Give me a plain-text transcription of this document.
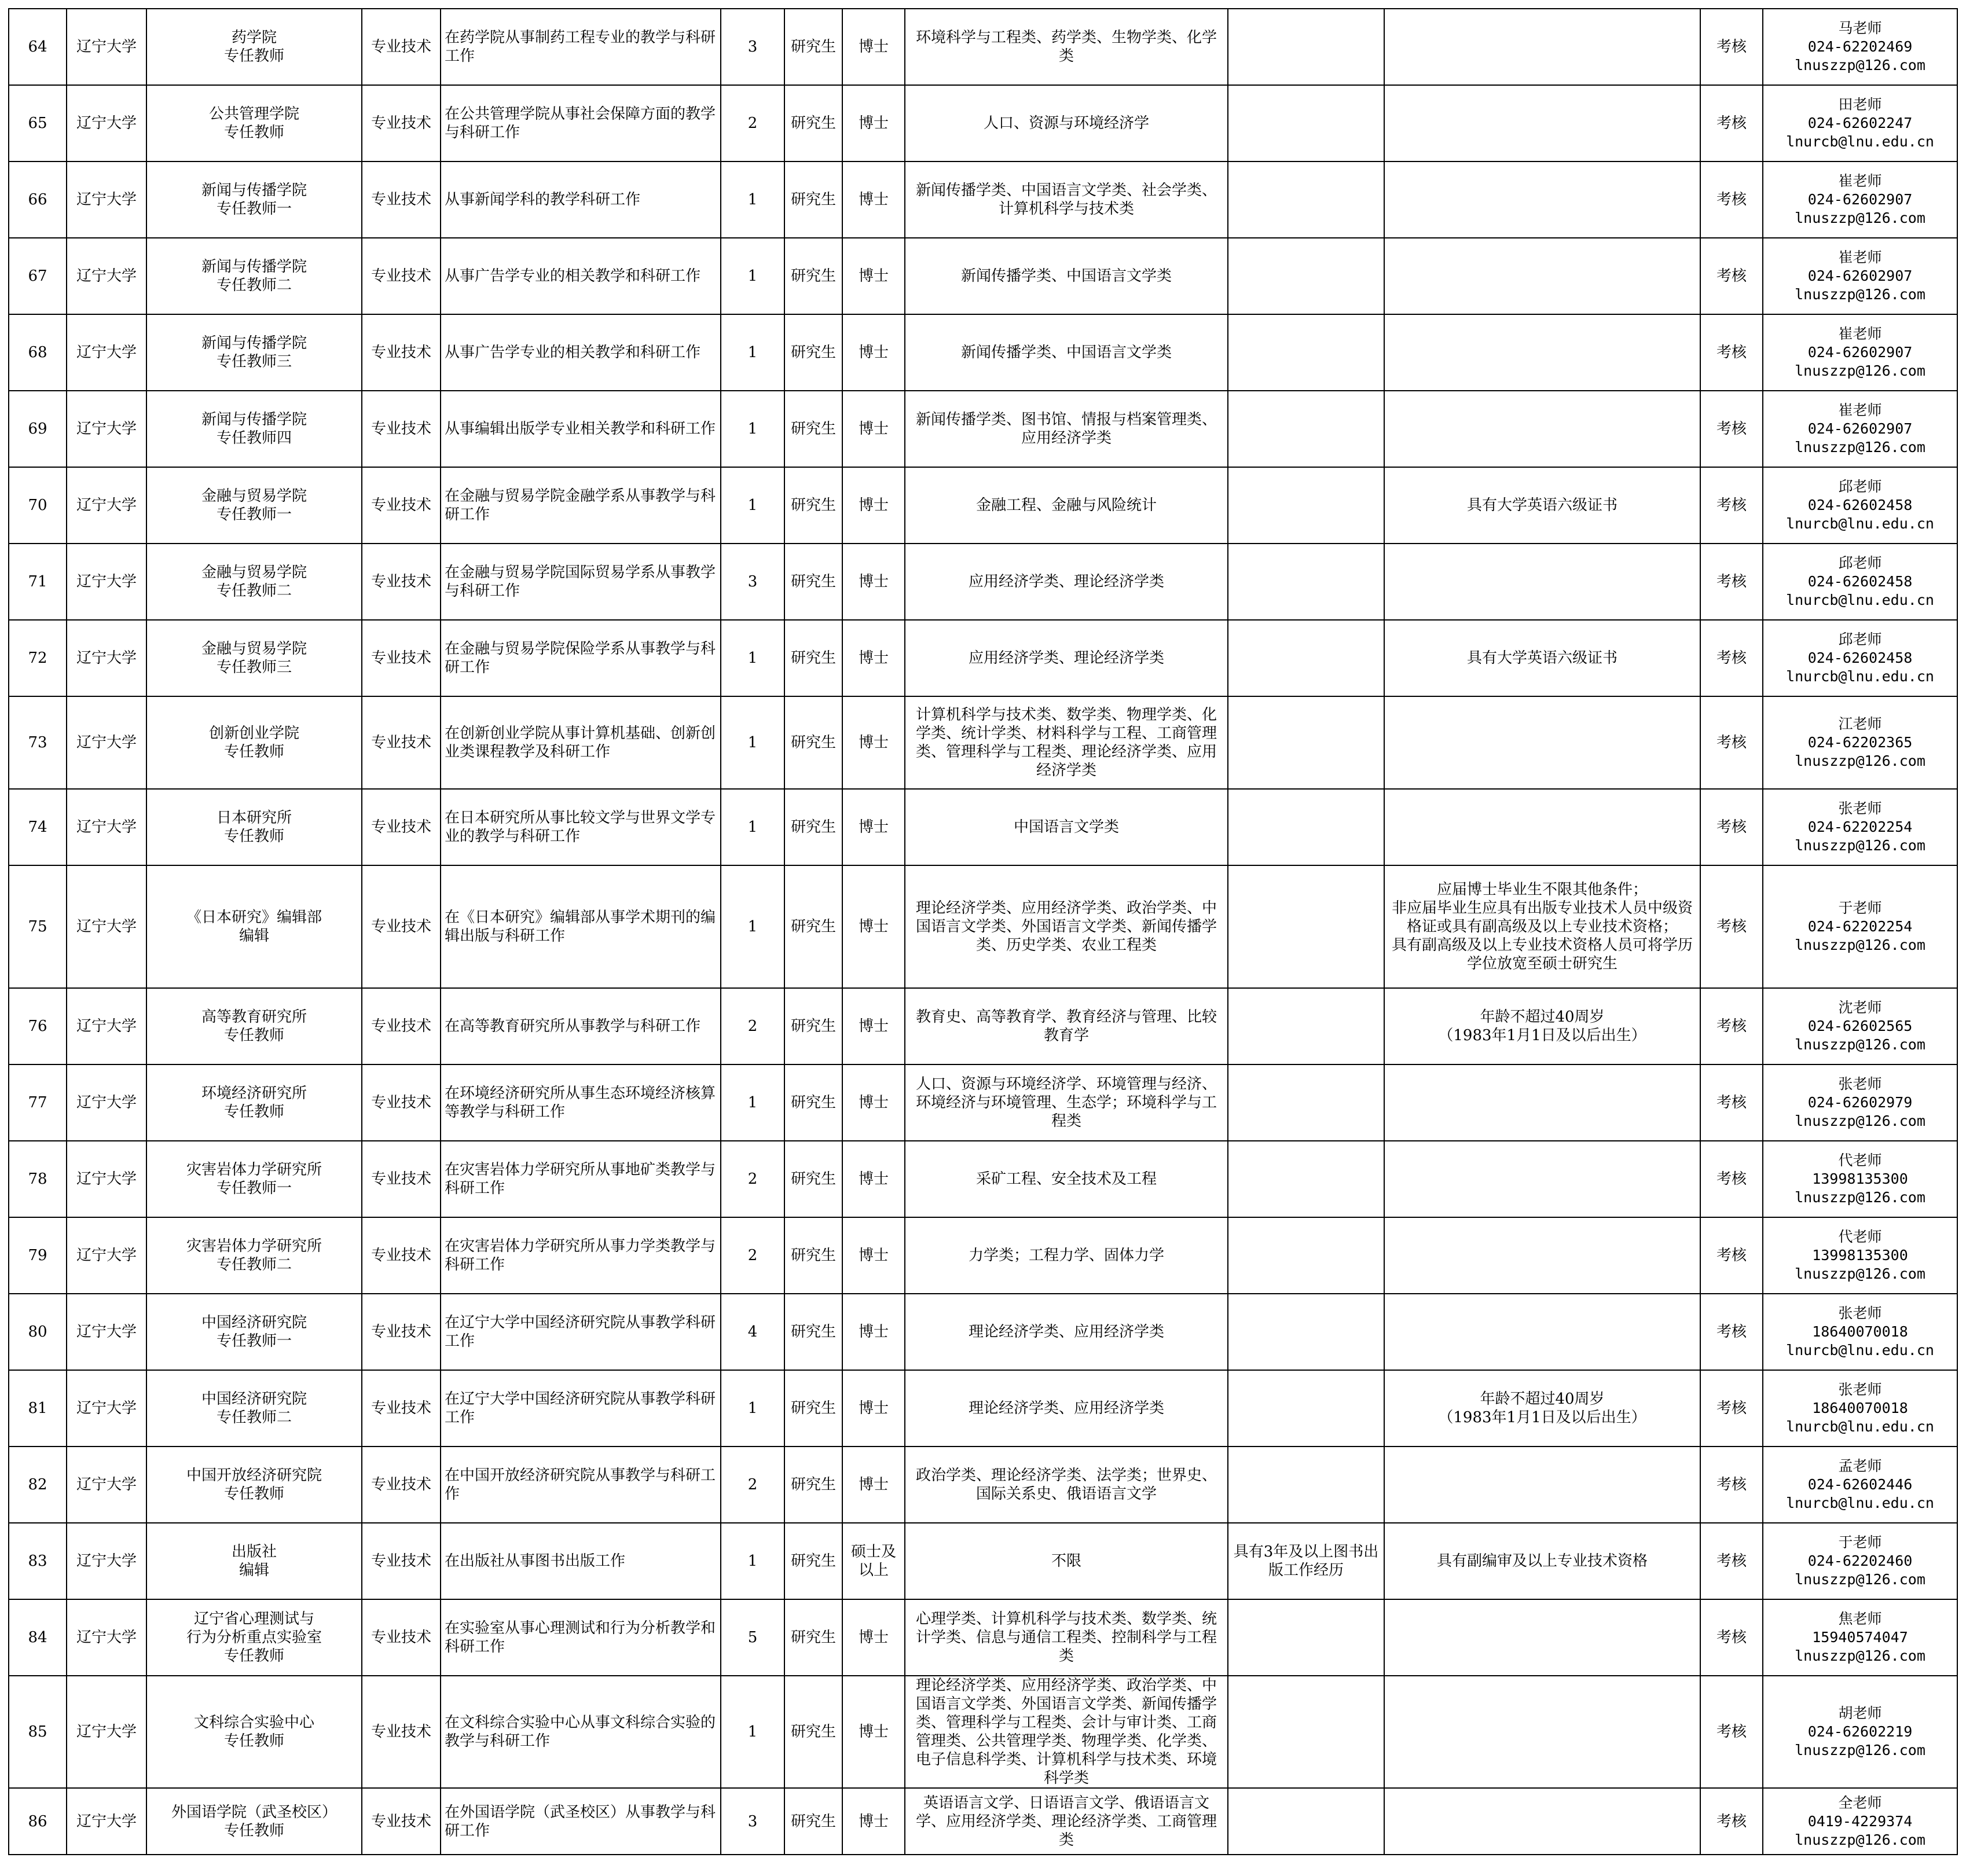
64	辽宁大学	药学院
专任教师	专业技术	在药学院从事制药工程专业的教学与科研工作	3	研究生	博士	环境科学与工程类、药学类、生物学类、化学类			考核	马老师
024-62202469
lnuszzp@126.com
65	辽宁大学	公共管理学院
专任教师	专业技术	在公共管理学院从事社会保障方面的教学与科研工作	2	研究生	博士	人口、资源与环境经济学			考核	田老师
024-62602247
lnurcb@lnu.edu.cn
66	辽宁大学	新闻与传播学院
专任教师一	专业技术	从事新闻学科的教学科研工作	1	研究生	博士	新闻传播学类、中国语言文学类、社会学类、计算机科学与技术类			考核	崔老师
024-62602907
lnuszzp@126.com
67	辽宁大学	新闻与传播学院
专任教师二	专业技术	从事广告学专业的相关教学和科研工作	1	研究生	博士	新闻传播学类、中国语言文学类			考核	崔老师
024-62602907
lnuszzp@126.com
68	辽宁大学	新闻与传播学院
专任教师三	专业技术	从事广告学专业的相关教学和科研工作	1	研究生	博士	新闻传播学类、中国语言文学类			考核	崔老师
024-62602907
lnuszzp@126.com
69	辽宁大学	新闻与传播学院
专任教师四	专业技术	从事编辑出版学专业相关教学和科研工作	1	研究生	博士	新闻传播学类、图书馆、情报与档案管理类、应用经济学类			考核	崔老师
024-62602907
lnuszzp@126.com
70	辽宁大学	金融与贸易学院
专任教师一	专业技术	在金融与贸易学院金融学系从事教学与科研工作	1	研究生	博士	金融工程、金融与风险统计		具有大学英语六级证书	考核	邱老师
024-62602458
lnurcb@lnu.edu.cn
71	辽宁大学	金融与贸易学院
专任教师二	专业技术	在金融与贸易学院国际贸易学系从事教学与科研工作	3	研究生	博士	应用经济学类、理论经济学类			考核	邱老师
024-62602458
lnurcb@lnu.edu.cn
72	辽宁大学	金融与贸易学院
专任教师三	专业技术	在金融与贸易学院保险学系从事教学与科研工作	1	研究生	博士	应用经济学类、理论经济学类		具有大学英语六级证书	考核	邱老师
024-62602458
lnurcb@lnu.edu.cn
73	辽宁大学	创新创业学院
专任教师	专业技术	在创新创业学院从事计算机基础、创新创业类课程教学及科研工作	1	研究生	博士	计算机科学与技术类、数学类、物理学类、化学类、统计学类、材料科学与工程、工商管理类、管理科学与工程类、理论经济学类、应用经济学类			考核	江老师
024-62202365
lnuszzp@126.com
74	辽宁大学	日本研究所
专任教师	专业技术	在日本研究所从事比较文学与世界文学专业的教学与科研工作	1	研究生	博士	中国语言文学类			考核	张老师
024-62202254
lnuszzp@126.com
75	辽宁大学	《日本研究》编辑部
编辑	专业技术	在《日本研究》编辑部从事学术期刊的编辑出版与科研工作	1	研究生	博士	理论经济学类、应用经济学类、政治学类、中国语言文学类、外国语言文学类、新闻传播学类、历史学类、农业工程类		应届博士毕业生不限其他条件；
非应届毕业生应具有出版专业技术人员中级资格证或具有副高级及以上专业技术资格；
具有副高级及以上专业技术资格人员可将学历学位放宽至硕士研究生	考核	于老师
024-62202254
lnuszzp@126.com
76	辽宁大学	高等教育研究所
专任教师	专业技术	在高等教育研究所从事教学与科研工作	2	研究生	博士	教育史、高等教育学、教育经济与管理、比较教育学		年龄不超过40周岁
（1983年1月1日及以后出生）	考核	沈老师
024-62602565
lnuszzp@126.com
77	辽宁大学	环境经济研究所
专任教师	专业技术	在环境经济研究所从事生态环境经济核算等教学与科研工作	1	研究生	博士	人口、资源与环境经济学、环境管理与经济、环境经济与环境管理、生态学；环境科学与工程类			考核	张老师
024-62602979
lnuszzp@126.com
78	辽宁大学	灾害岩体力学研究所
专任教师一	专业技术	在灾害岩体力学研究所从事地矿类教学与科研工作	2	研究生	博士	采矿工程、安全技术及工程			考核	代老师
13998135300
lnuszzp@126.com
79	辽宁大学	灾害岩体力学研究所
专任教师二	专业技术	在灾害岩体力学研究所从事力学类教学与科研工作	2	研究生	博士	力学类；工程力学、固体力学			考核	代老师
13998135300
lnuszzp@126.com
80	辽宁大学	中国经济研究院
专任教师一	专业技术	在辽宁大学中国经济研究院从事教学科研工作	4	研究生	博士	理论经济学类、应用经济学类			考核	张老师
18640070018
lnurcb@lnu.edu.cn
81	辽宁大学	中国经济研究院
专任教师二	专业技术	在辽宁大学中国经济研究院从事教学科研工作	1	研究生	博士	理论经济学类、应用经济学类		年龄不超过40周岁
（1983年1月1日及以后出生）	考核	张老师
18640070018
lnurcb@lnu.edu.cn
82	辽宁大学	中国开放经济研究院
专任教师	专业技术	在中国开放经济研究院从事教学与科研工作	2	研究生	博士	政治学类、理论经济学类、法学类；世界史、国际关系史、俄语语言文学			考核	孟老师
024-62602446
lnurcb@lnu.edu.cn
83	辽宁大学	出版社
编辑	专业技术	在出版社从事图书出版工作	1	研究生	硕士及
以上	不限	具有3年及以上图书出版工作经历	具有副编审及以上专业技术资格	考核	于老师
024-62202460
lnuszzp@126.com
84	辽宁大学	辽宁省心理测试与
行为分析重点实验室
专任教师	专业技术	在实验室从事心理测试和行为分析教学和科研工作	5	研究生	博士	心理学类、计算机科学与技术类、数学类、统计学类、信息与通信工程类、控制科学与工程类			考核	焦老师
15940574047
lnuszzp@126.com
85	辽宁大学	文科综合实验中心
专任教师	专业技术	在文科综合实验中心从事文科综合实验的教学与科研工作	1	研究生	博士	理论经济学类、应用经济学类、政治学类、中国语言文学类、外国语言文学类、新闻传播学类、管理科学与工程类、会计与审计类、工商管理类、公共管理学类、物理学类、化学类、电子信息科学类、计算机科学与技术类、环境科学类			考核	胡老师
024-62602219
lnuszzp@126.com
86	辽宁大学	外国语学院（武圣校区）
专任教师	专业技术	在外国语学院（武圣校区）从事教学与科研工作	3	研究生	博士	英语语言文学、日语语言文学、俄语语言文学、应用经济学类、理论经济学类、工商管理类			考核	全老师
0419-4229374
lnuszzp@126.com
